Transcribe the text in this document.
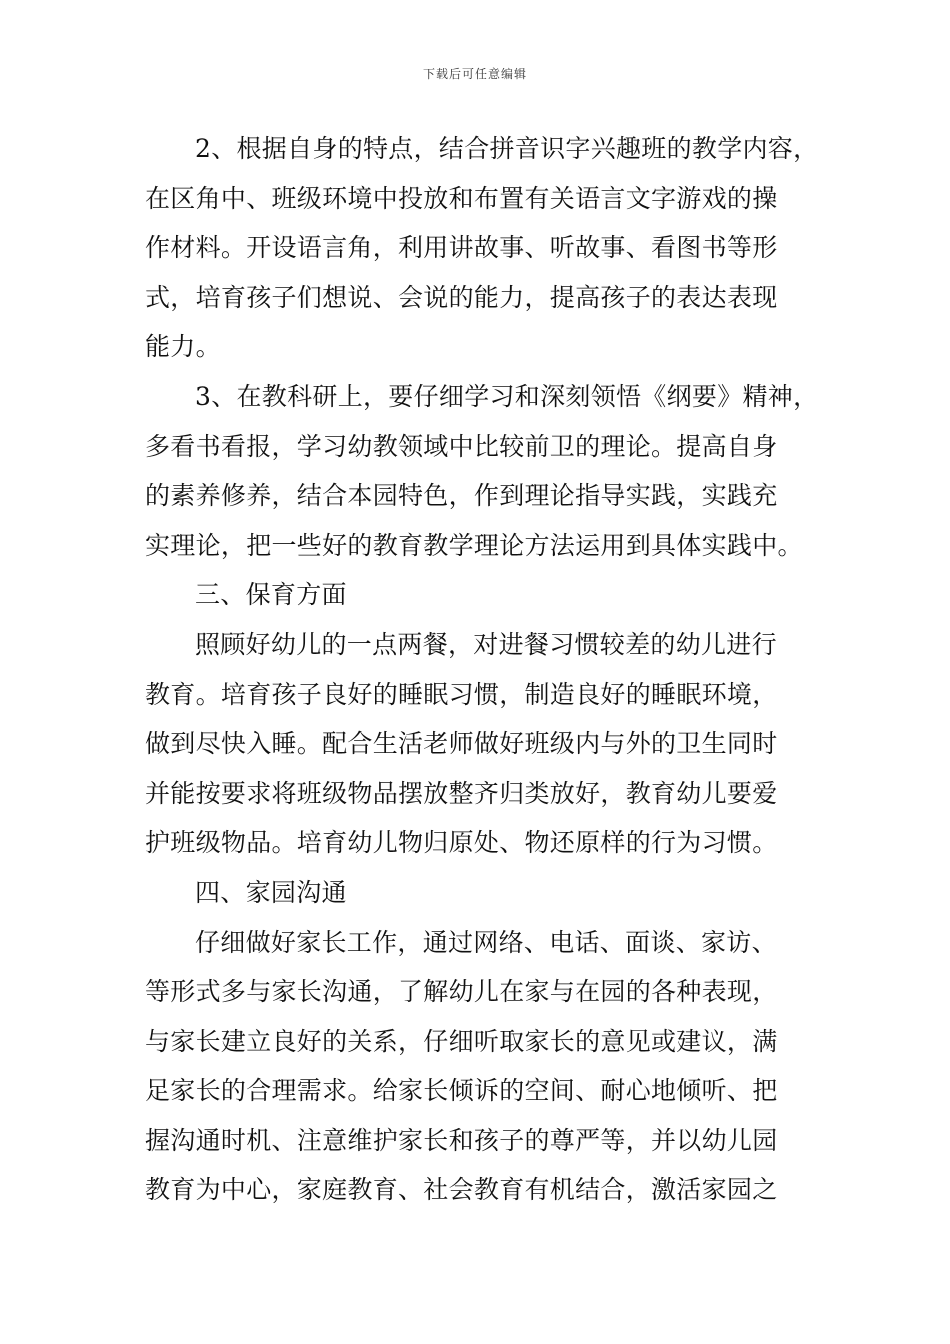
下载后可任意编辑
2、根据自身的特点，结合拼音识字兴趣班的教学内容，
在区角中、班级环境中投放和布置有关语言文字游戏的操
作材料。开设语言角，利用讲故事、听故事、看图书等形
式，培育孩子们想说、会说的能力，提高孩子的表达表现
能力。
3、在教科研上，要仔细学习和深刻领悟《纲要》精神，
多看书看报，学习幼教领域中比较前卫的理论。提高自身
的素养修养，结合本园特色，作到理论指导实践，实践充
实理论，把一些好的教育教学理论方法运用到具体实践中。
三、保育方面
照顾好幼儿的一点两餐，对进餐习惯较差的幼儿进行
教育。培育孩子良好的睡眠习惯，制造良好的睡眠环境，
做到尽快入睡。配合生活老师做好班级内与外的卫生同时
并能按要求将班级物品摆放整齐归类放好，教育幼儿要爱
护班级物品。培育幼儿物归原处、物还原样的行为习惯。
四、家园沟通
仔细做好家长工作，通过网络、电话、面谈、家访、
等形式多与家长沟通，了解幼儿在家与在园的各种表现，
与家长建立良好的关系，仔细听取家长的意见或建议，满
足家长的合理需求。给家长倾诉的空间、耐心地倾听、把
握沟通时机、注意维护家长和孩子的尊严等，并以幼儿园
教育为中心，家庭教育、社会教育有机结合，激活家园之
